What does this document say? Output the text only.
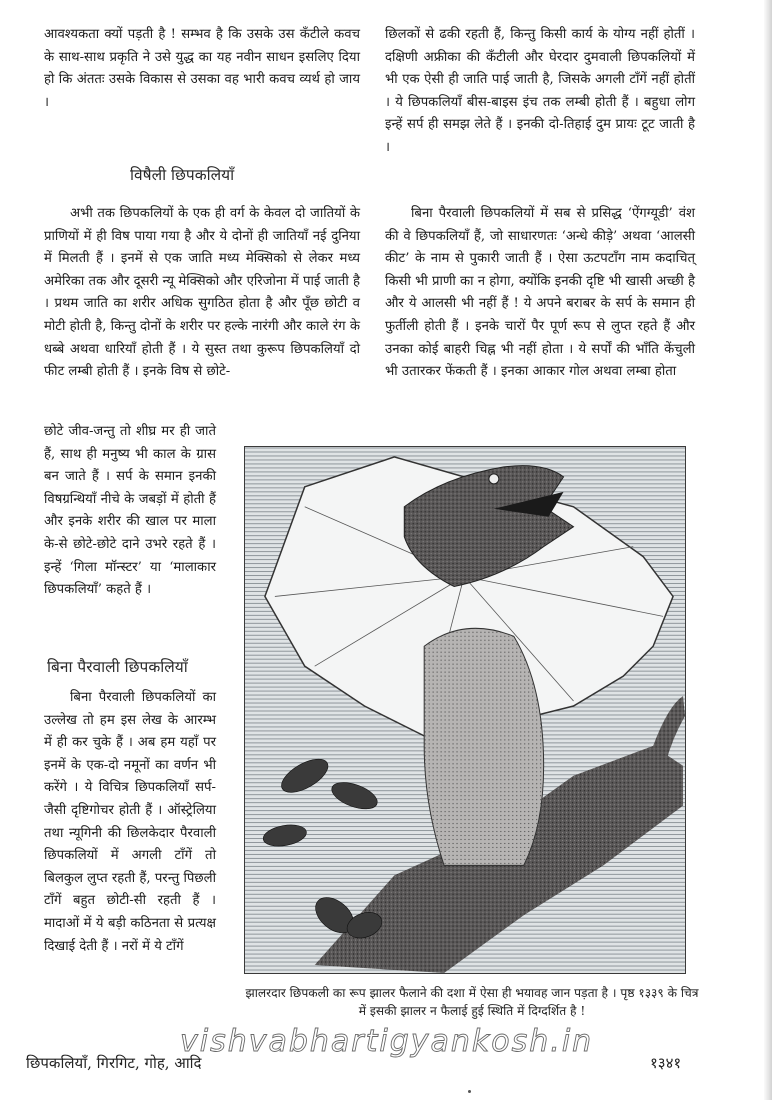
आवश्यकता क्यों पड़ती है ! सम्भव है कि उसके उस कँटीले कवच के साथ-साथ प्रकृति ने उसे युद्ध का यह नवीन साधन इसलिए दिया हो कि अंततः उसके विकास से उसका वह भारी कवच व्यर्थ हो जाय ।

विषैली छिपकलियाँ

अभी तक छिपकलियों के एक ही वर्ग के केवल दो जातियों के प्राणियों में ही विष पाया गया है और ये दोनों ही जातियाँ नई दुनिया में मिलती हैं । इनमें से एक जाति मध्य मेक्सिको से लेकर मध्य अमेरिका तक और दूसरी न्यू मेक्सिको और एरिजोना में पाई जाती है । प्रथम जाति का शरीर अधिक सुगठित होता है और पूँछ छोटी व मोटी होती है, किन्तु दोनों के शरीर पर हल्के नारंगी और काले रंग के धब्बे अथवा धारियाँ होती हैं । ये सुस्त तथा कुरूप छिपकलियाँ दो फीट लम्बी होती हैं । इनके विष से छोटे-

छोटे जीव-जन्तु तो शीघ्र मर ही जाते हैं, साथ ही मनुष्य भी काल के ग्रास बन जाते हैं । सर्प के समान इनकी विषग्रन्थियाँ नीचे के जबड़ों में होती हैं और इनके शरीर की खाल पर माला के-से छोटे-छोटे दाने उभरे रहते हैं । इन्हें ‘गिला मॉन्स्टर’ या ‘मालाकार छिपकलियाँ’ कहते हैं ।

बिना पैरवाली छिपकलियाँ

बिना पैरवाली छिपकलियों का उल्लेख तो हम इस लेख के आरम्भ में ही कर चुके हैं । अब हम यहाँ पर इनमें के एक-दो नमूनों का वर्णन भी करेंगे । ये विचित्र छिपकलियाँ सर्प-जैसी दृष्टिगोचर होती हैं । ऑस्ट्रेलिया तथा न्यूगिनी की छिलकेदार पैरवाली छिपकलियों में अगली टाँगें तो बिलकुल लुप्त रहती हैं, परन्तु पिछली टाँगें बहुत छोटी-सी रहती हैं । मादाओं में ये बड़ी कठिनता से प्रत्यक्ष दिखाई देती हैं । नरों में ये टाँगें

छिलकों से ढकी रहती हैं, किन्तु किसी कार्य के योग्य नहीं होतीं । दक्षिणी अफ्रीका की कँटीली और घेरदार दुमवाली छिपकलियों में भी एक ऐसी ही जाति पाई जाती है, जिसके अगली टाँगें नहीं होतीं । ये छिपकलियाँ बीस-बाइस इंच तक लम्बी होती हैं । बहुधा लोग इन्हें सर्प ही समझ लेते हैं । इनकी दो-तिहाई दुम प्रायः टूट जाती है ।

बिना पैरवाली छिपकलियों में सब से प्रसिद्ध ‘ऐंगग्यूडी’ वंश की वे छिपकलियाँ हैं, जो साधारणतः ‘अन्धे कीड़े’ अथवा ‘आलसी कीट’ के नाम से पुकारी जाती हैं । ऐसा ऊटपटाँग नाम कदाचित् किसी भी प्राणी का न होगा, क्योंकि इनकी दृष्टि भी खासी अच्छी है और ये आलसी भी नहीं हैं ! ये अपने बराबर के सर्प के समान ही फुर्तीली होती हैं । इनके चारों पैर पूर्ण रूप से लुप्त रहते हैं और उनका कोई बाहरी चिह्न भी नहीं होता । ये सर्पों की भाँति केंचुली भी उतारकर फेंकती हैं । इनका आकार गोल अथवा लम्बा होता

झालरदार छिपकली का रूप झालर फैलाने की दशा में ऐसा ही भयावह जान पड़ता है । पृष्ठ १३३९ के चित्र में इसकी झालर न फैलाई हुई स्थिति में दिग्दर्शित है !
vishvabhartigyankosh.in
छिपकलियाँ, गिरगिट, गोह, आदि	१३४१
